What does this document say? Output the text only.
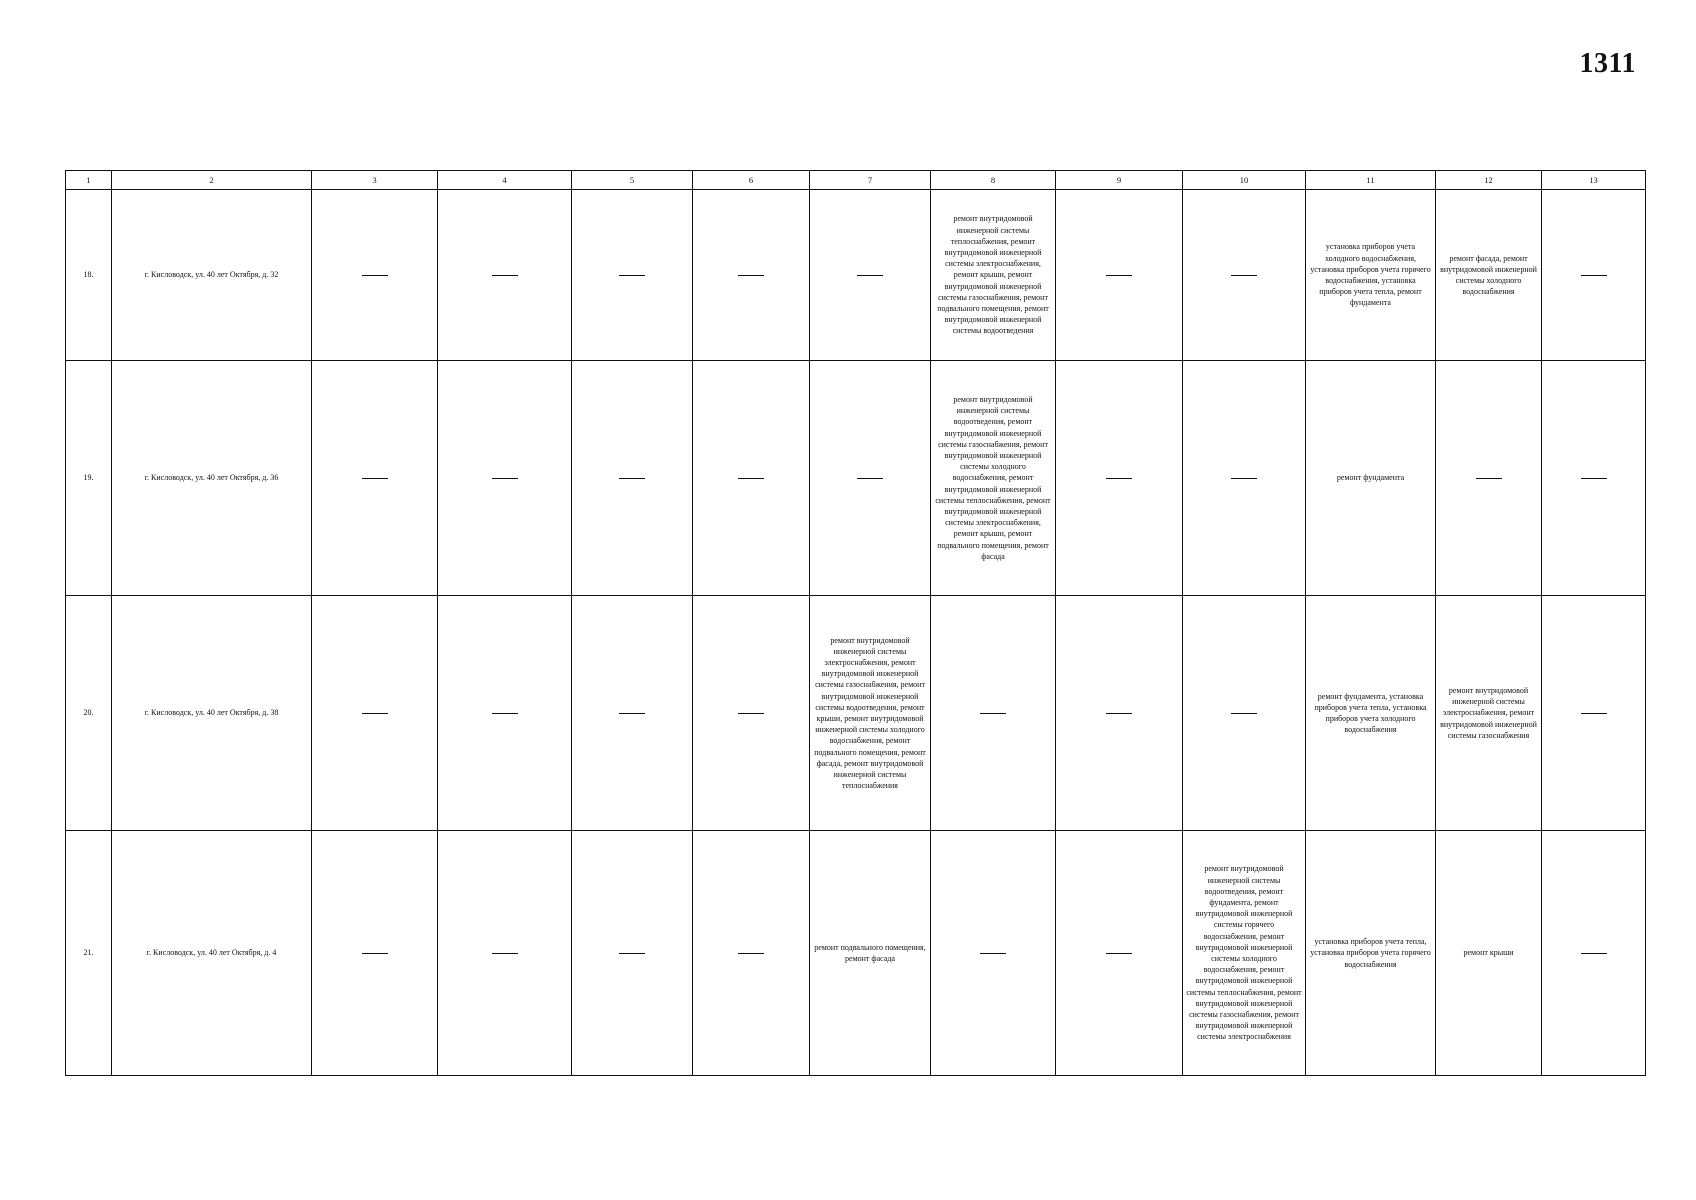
1311
1	2	3	4	5	6	7	8	9	10	11	12	13
18.	г. Кисловодск, ул. 40 лет Октября, д. 32						ремонт внутридомовой инженерной системы теплоснабжения, ремонт внутридомовой инженерной системы электроснабжения, ремонт крыши, ремонт внутридомовой инженерной системы газоснабжения, ремонт подвального помещения, ремонт внутридомовой инженерной системы водоотведения			установка приборов учета холодного водоснабжения, установка приборов учета горячего водоснабжения, установка приборов учета тепла, ремонт фундамента	ремонт фасада, ремонт внутридомовой инженерной системы холодного водоснабжения	
19.	г. Кисловодск, ул. 40 лет Октября, д. 36						ремонт внутридомовой инженерной системы водоотведения, ремонт внутридомовой инженерной системы газоснабжения, ремонт внутридомовой инженерной системы холодного водоснабжения, ремонт внутридомовой инженерной системы теплоснабжения, ремонт внутридомовой инженерной системы электроснабжения, ремонт крыши, ремонт подвального помещения, ремонт фасада			ремонт фундамента		
20.	г. Кисловодск, ул. 40 лет Октября, д. 38					ремонт внутридомовой инженерной системы электроснабжения, ремонт внутридомовой инженерной системы газоснабжения, ремонт внутридомовой инженерной системы водоотведения, ремонт крыши, ремонт внутридомовой инженерной системы холодного водоснабжения, ремонт подвального помещения, ремонт фасада, ремонт внутридомовой инженерной системы теплоснабжения				ремонт фундамента, установка приборов учета тепла, установка приборов учета холодного водоснабжения	ремонт внутридомовой инженерной системы электроснабжения, ремонт внутридомовой инженерной системы газоснабжения	
21.	г. Кисловодск, ул. 40 лет Октября, д. 4					ремонт подвального помещения, ремонт фасада			ремонт внутридомовой инженерной системы водоотведения, ремонт фундамента, ремонт внутридомовой инженерной системы горячего водоснабжения, ремонт внутридомовой инженерной системы холодного водоснабжения, ремонт внутридомовой инженерной системы теплоснабжения, ремонт внутридомовой инженерной системы газоснабжения, ремонт внутридомовой инженерной системы электроснабжения	установка приборов учета тепла, установка приборов учета горячего водоснабжения	ремонт крыши	
